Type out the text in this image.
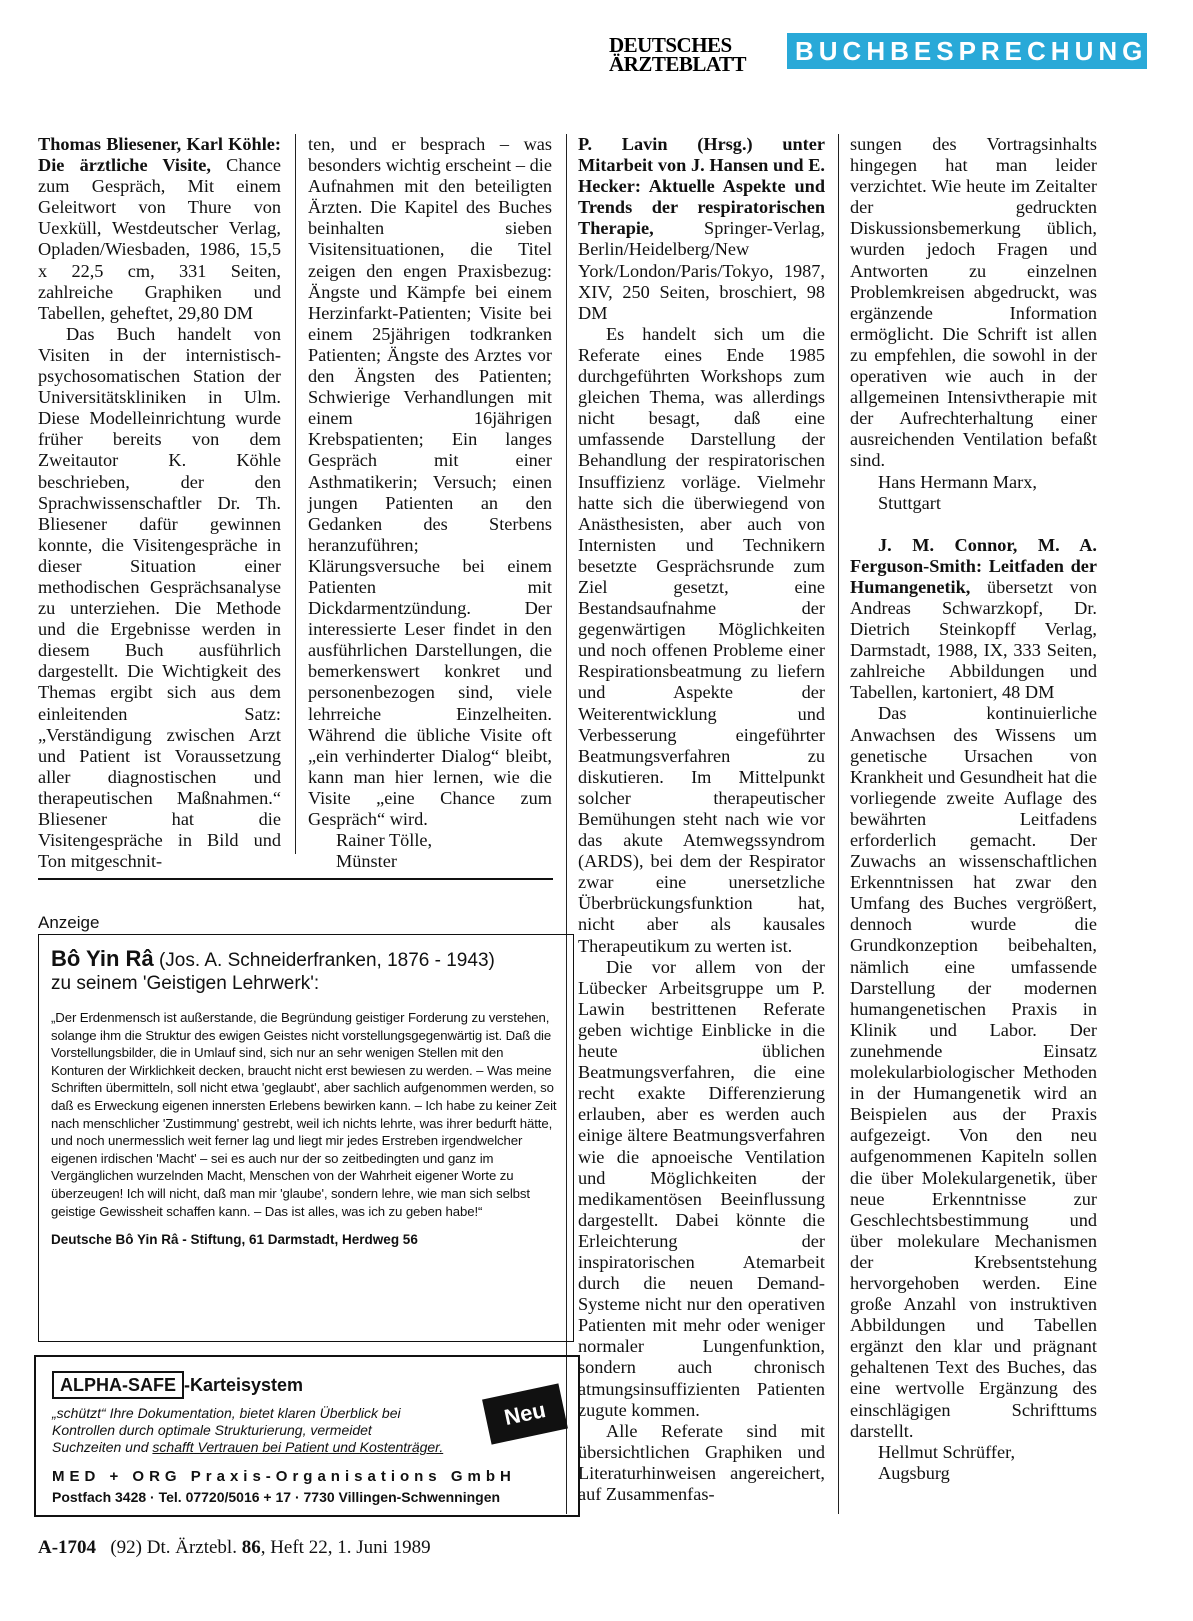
DEUTSCHES
ÄRZTEBLATT	BUCHBESPRECHUNGEN

Thomas Bliesener, Karl Köhle: Die ärztliche Visite, Chance zum Gespräch, Mit einem Geleitwort von Thure von Uexküll, Westdeutscher Verlag, Opladen/Wiesbaden, 1986, 15,5 x 22,5 cm, 331 Seiten, zahlreiche Graphiken und Tabellen, geheftet, 29,80 DM

Das Buch handelt von Visiten in der internistisch-psychosomatischen Station der Universitätskliniken in Ulm. Diese Modelleinrichtung wurde früher bereits von dem Zweitautor K. Köhle beschrieben, der den Sprachwissenschaftler Dr. Th. Bliesener dafür gewinnen konnte, die Visitengespräche in dieser Situation einer methodischen Gesprächsanalyse zu unterziehen. Die Methode und die Ergebnisse werden in diesem Buch ausführlich dargestellt. Die Wichtigkeit des Themas ergibt sich aus dem einleitenden Satz: „Verständigung zwischen Arzt und Patient ist Voraussetzung aller diagnostischen und therapeutischen Maßnahmen.“ Bliesener hat die Visitengespräche in Bild und Ton mitgeschnit-

ten, und er besprach – was besonders wichtig erscheint – die Aufnahmen mit den beteiligten Ärzten. Die Kapitel des Buches beinhalten sieben Visitensituationen, die Titel zeigen den engen Praxisbezug: Ängste und Kämpfe bei einem Herzinfarkt-Patienten; Visite bei einem 25jährigen todkranken Patienten; Ängste des Arztes vor den Ängsten des Patienten; Schwierige Verhandlungen mit einem 16jährigen Krebspatienten; Ein langes Gespräch mit einer Asthmatikerin; Versuch; einen jungen Patienten an den Gedanken des Sterbens heranzuführen; Klärungsversuche bei einem Patienten mit Dickdarmentzündung. Der interessierte Leser findet in den ausführlichen Darstellungen, die bemerkenswert konkret und personenbezogen sind, viele lehrreiche Einzelheiten. Während die übliche Visite oft „ein verhinderter Dialog“ bleibt, kann man hier lernen, wie die Visite „eine Chance zum Gespräch“ wird.

Rainer Tölle,
Münster

P. Lavin (Hrsg.) unter Mitarbeit von J. Hansen und E. Hecker: Aktuelle Aspekte und Trends der respiratorischen Therapie,	Springer-Verlag, Berlin/Heidelberg/New York/London/Paris/Tokyo, 1987, XIV, 250 Seiten, broschiert, 98 DM

Es handelt sich um die Referate eines Ende 1985 durchgeführten Workshops zum gleichen Thema, was allerdings nicht besagt, daß eine umfassende Darstellung der Behandlung der respiratorischen Insuffizienz vorläge. Vielmehr hatte sich die überwiegend von Anästhesisten, aber auch von Internisten und Technikern besetzte Gesprächsrunde zum Ziel gesetzt, eine Bestandsaufnahme der gegenwärtigen Möglichkeiten und noch offenen Probleme einer Respirationsbeatmung zu liefern und Aspekte der Weiterentwicklung und Verbesserung eingeführter Beatmungsverfahren zu diskutieren. Im Mittelpunkt solcher therapeutischer Bemühungen steht nach wie vor das akute Atemwegssyndrom (ARDS), bei dem der Respirator zwar eine unersetzliche Überbrückungsfunktion hat, nicht aber als kausales Therapeutikum zu werten ist.

Die vor allem von der Lübecker Arbeitsgruppe um P. Lawin bestrittenen Referate geben wichtige Einblicke in die heute üblichen Beatmungsverfahren, die eine recht exakte Differenzierung erlauben, aber es werden auch einige ältere Beatmungsverfahren wie die apnoeische Ventilation und Möglichkeiten der medikamentösen Beeinflussung dargestellt. Dabei könnte die Erleichterung der inspiratorischen Atemarbeit durch die neuen Demand-Systeme nicht nur den operativen Patienten mit mehr oder weniger normaler Lungenfunktion, sondern auch chronisch atmungsinsuffizienten Patienten zugute kommen.

Alle Referate sind mit übersichtlichen Graphiken und Literaturhinweisen angereichert, auf Zusammenfas-

sungen des Vortragsinhalts hingegen hat man leider verzichtet. Wie heute im Zeitalter der gedruckten Diskussionsbemerkung üblich, wurden jedoch Fragen und Antworten zu einzelnen Problemkreisen abgedruckt, was ergänzende Information ermöglicht. Die Schrift ist allen zu empfehlen, die sowohl in der operativen wie auch in der allgemeinen Intensivtherapie mit der Aufrechterhaltung einer ausreichenden Ventilation befaßt sind.

Hans Hermann Marx,
Stuttgart

J. M. Connor, M. A. Ferguson-Smith: Leitfaden der Humangenetik, übersetzt von Andreas Schwarzkopf, Dr. Dietrich Steinkopff Verlag, Darmstadt, 1988, IX, 333 Seiten, zahlreiche Abbildungen und Tabellen, kartoniert, 48 DM

Das kontinuierliche Anwachsen des Wissens um genetische Ursachen von Krankheit und Gesundheit hat die vorliegende zweite Auflage des bewährten Leitfadens erforderlich gemacht. Der Zuwachs an wissenschaftlichen Erkenntnissen hat zwar den Umfang des Buches vergrößert, dennoch wurde die Grundkonzeption beibehalten, nämlich eine umfassende Darstellung der modernen humangenetischen Praxis in Klinik und Labor. Der zunehmende Einsatz molekularbiologischer Methoden in der Humangenetik wird an Beispielen aus der Praxis aufgezeigt. Von den neu aufgenommenen Kapiteln sollen die über Molekulargenetik, über neue Erkenntnisse zur Geschlechtsbestimmung und über molekulare Mechanismen der Krebsentstehung hervorgehoben werden. Eine große Anzahl von instruktiven Abbildungen und Tabellen ergänzt den klar und prägnant gehaltenen Text des Buches, das eine wertvolle Ergänzung des einschlägigen Schrifttums darstellt.

Hellmut Schrüffer,
Augsburg
Anzeige
Bô Yin Râ (Jos. A. Schneiderfranken, 1876 - 1943)
zu seinem 'Geistigen Lehrwerk':
„Der Erdenmensch ist außerstande, die Begründung geistiger Forderung zu verstehen, solange ihm die Struktur des ewigen Geistes nicht vorstellungsgegenwärtig ist. Daß die Vorstellungsbilder, die in Umlauf sind, sich nur an sehr wenigen Stellen mit den Konturen der Wirklichkeit decken, braucht nicht erst bewiesen zu werden. – Was meine Schriften übermitteln, soll nicht etwa 'geglaubt', aber sachlich aufgenommen werden, so daß es Erweckung eigenen innersten Erlebens bewirken kann. – Ich habe zu keiner Zeit nach menschlicher 'Zustimmung' gestrebt, weil ich nichts lehrte, was ihrer bedurft hätte, und noch unermesslich weit ferner lag und liegt mir jedes Erstreben irgendwelcher eigenen irdischen 'Macht' – sei es auch nur der so zeitbedingten und ganz im Vergänglichen wurzelnden Macht, Menschen von der Wahrheit eigener Worte zu überzeugen! Ich will nicht, daß man mir 'glaube', sondern lehre, wie man sich selbst geistige Gewissheit schaffen kann. – Das ist alles, was ich zu geben habe!“
Deutsche Bô Yin Râ - Stiftung, 61 Darmstadt, Herdweg 56
ALPHA-SAFE -Karteisystem
„schützt“ Ihre Dokumentation, bietet klaren Überblick bei
Kontrollen durch optimale Strukturierung, vermeidet
Suchzeiten und schafft Vertrauen bei Patient und Kostenträger.
Neu
MED + ORG Praxis-Organisations GmbH
Postfach 3428 · Tel. 07720/5016 + 17 · 7730 Villingen-Schwenningen
A-1704 (92) Dt. Ärztebl. 86, Heft 22, 1. Juni 1989
